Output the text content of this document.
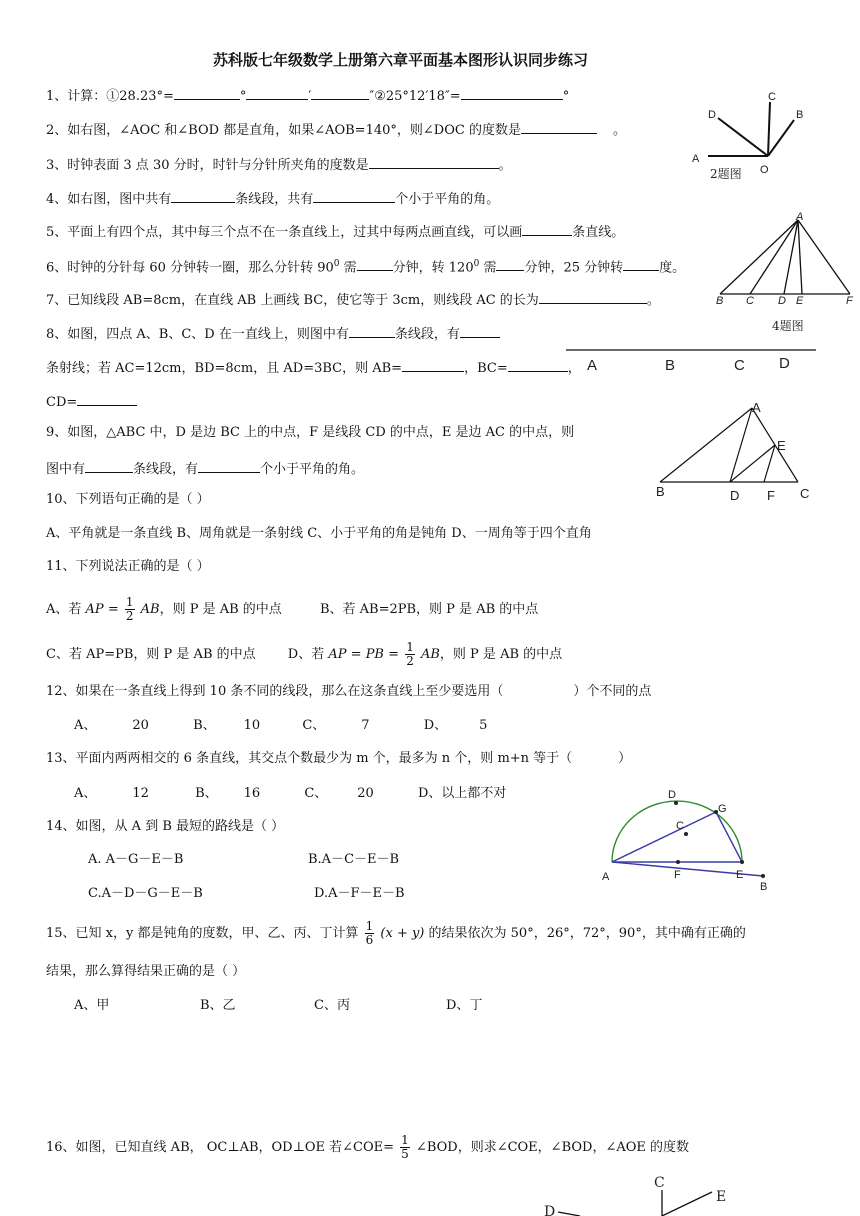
苏科版七年级数学上册第六章平面基本图形认识同步练习
1、计算：①28.23°=	°	′	″②25°12′18″=	°
2、如右图，∠AOC 和∠BOD 都是直角，如果∠AOB=140°，则∠DOC 的度数是	。
3、时钟表面 3 点 30 分时，时针与分针所夹角的度数是	。
4、如右图，图中共有	条线段，共有	个小于平角的角。
5、平面上有四个点，其中每三个点不在一条直线上，过其中每两点画直线，可以画	条直线。
6、时钟的分针每 60 分钟转一圈，那么分针转 $90^0$ 需	分钟，转 $120^0$ 需 分钟，25 分钟转	度。
7、已知线段 AB=8cm，在直线 AB 上画线 BC，使它等于 3cm，则线段 AC 的长为	。
8、如图，四点 A、B、C、D 在一直线上，则图中有	条线段，有
条射线；若 AC=12cm，BD=8cm，且 AD=3BC，则 AB=	，BC=	，
CD=
9、如图，△ABC 中，D 是边 BC 上的中点，F 是线段 CD 的中点，E 是边 AC 的中点，则
图中有	条线段，有	个小于平角的角。
10、下列语句正确的是（ ）
A、平角就是一条直线 B、周角就是一条射线 C、小于平角的角是钝角 D、一周角等于四个直角
11、下列说法正确的是（ ）
A、若 AP = $\frac{1}{2}$ AB，则 P 是 AB 的中点	B、若 AB=2PB，则 P 是 AB 的中点
C、若 AP=PB，则 P 是 AB 的中点 D、若 AP = PB = $\frac{1}{2}$ AB，则 P 是 AB 的中点
12、如果在一条直线上得到 10 条不同的线段，那么在这条直线上至少要选用（	）个不同的点
A、	20	B、 10	C、	7	D、 5
13、平面内两两相交的 6 条直线，其交点个数最少为 m 个，最多为 n 个，则 m+n 等于（	）
A、	12	B、 16	C、 20	D、以上都不对
14、如图，从 A 到 B 最短的路线是（ ）
A. A－G－E－B	B.A－C－E－B
C.A－D－G－E－B	D.A－F－E－B
15、已知 x，y 都是钝角的度数，甲、乙、丙、丁计算 $\frac{1}{6} (x + y)$ 的结果依次为 50°，26°，72°，90°，其中确有正确的
结果，那么算得结果正确的是（ ）
A、甲	B、乙	C、丙	D、丁
16、如图，已知直线 AB， OC⊥AB，OD⊥OE 若∠COE= $\frac{1}{5}$ ∠BOD，则求∠COE，∠BOD，∠AOE 的度数
A
C
B
D
O
2题图
A
B C D E	F
4题图
A	B	C D
A
B	C
D
E
F
A
D
C
G
F	E
B
C
E
D
